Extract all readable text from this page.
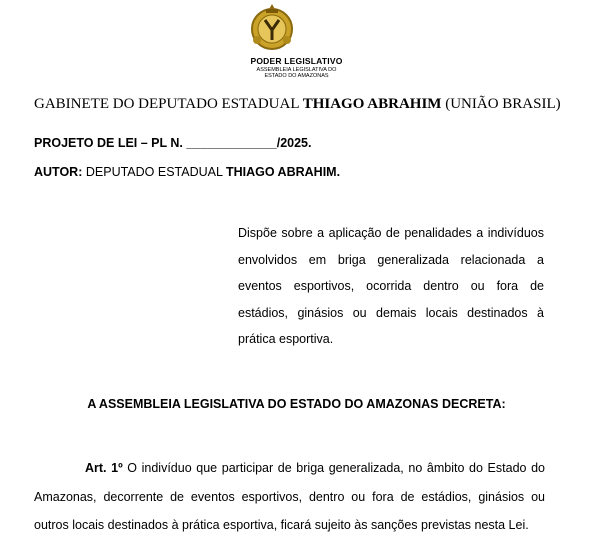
PODER LEGISLATIVO
ASSEMBLEIA LEGISLATIVA DO
ESTADO DO AMAZONAS
GABINETE DO DEPUTADO ESTADUAL THIAGO ABRAHIM (UNIÃO BRASIL)
PROJETO DE LEI – PL N. _____________/2025.
AUTOR: DEPUTADO ESTADUAL THIAGO ABRAHIM.
Dispõe sobre a aplicação de penalidades a indivíduos envolvidos em briga generalizada relacionada a eventos esportivos, ocorrida dentro ou fora de estádios, ginásios ou demais locais destinados à prática esportiva.
A ASSEMBLEIA LEGISLATIVA DO ESTADO DO AMAZONAS DECRETA:
Art. 1º O indivíduo que participar de briga generalizada, no âmbito do Estado do Amazonas, decorrente de eventos esportivos, dentro ou fora de estádios, ginásios ou outros locais destinados à prática esportiva, ficará sujeito às sanções previstas nesta Lei.
